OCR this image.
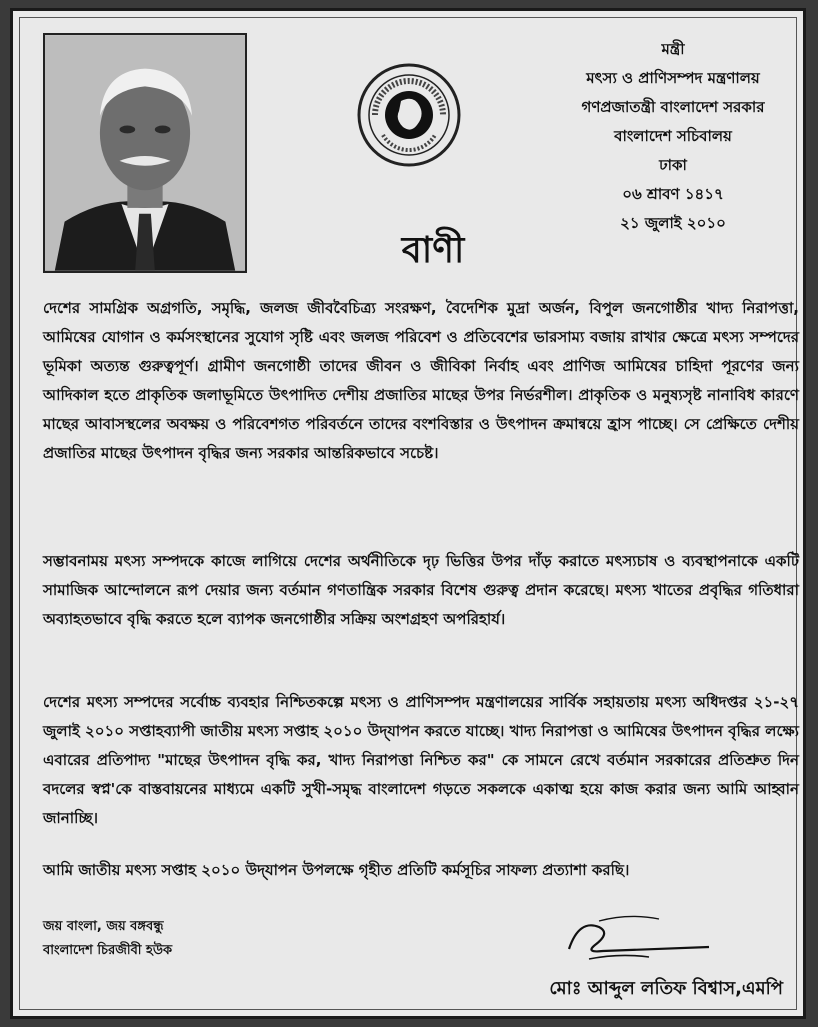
মন্ত্রী
মৎস্য ও প্রাণিসম্পদ মন্ত্রণালয়
গণপ্রজাতন্ত্রী বাংলাদেশ সরকার
বাংলাদেশ সচিবালয়
ঢাকা
০৬ শ্রাবণ ১৪১৭
২১ জুলাই ২০১০
বাণী
দেশের সামগ্রিক অগ্রগতি, সমৃদ্ধি, জলজ জীববৈচিত্র্য সংরক্ষণ, বৈদেশিক মুদ্রা অর্জন, বিপুল জনগোষ্ঠীর খাদ্য নিরাপত্তা, আমিষের যোগান ও কর্মসংস্থানের সুযোগ সৃষ্টি এবং জলজ পরিবেশ ও প্রতিবেশের ভারসাম্য বজায় রাখার ক্ষেত্রে মৎস্য সম্পদের ভূমিকা অত্যন্ত গুরুত্বপূর্ণ। গ্রামীণ জনগোষ্ঠী তাদের জীবন ও জীবিকা নির্বাহ এবং প্রাণিজ আমিষের চাহিদা পূরণের জন্য আদিকাল হতে প্রাকৃতিক জলাভূমিতে উৎপাদিত দেশীয় প্রজাতির মাছের উপর নির্ভরশীল। প্রাকৃতিক ও মনুষ্যসৃষ্ট নানাবিধ কারণে মাছের আবাসস্থলের অবক্ষয় ও পরিবেশগত পরিবর্তনে তাদের বংশবিস্তার ও উৎপাদন ক্রমান্বয়ে হ্রাস পাচ্ছে। সে প্রেক্ষিতে দেশীয় প্রজাতির মাছের উৎপাদন বৃদ্ধির জন্য সরকার আন্তরিকভাবে সচেষ্ট।
সম্ভাবনাময় মৎস্য সম্পদকে কাজে লাগিয়ে দেশের অর্থনীতিকে দৃঢ় ভিত্তির উপর দাঁড় করাতে মৎস্যচাষ ও ব্যবস্থাপনাকে একটি সামাজিক আন্দোলনে রূপ দেয়ার জন্য বর্তমান গণতান্ত্রিক সরকার বিশেষ গুরুত্ব প্রদান করেছে। মৎস্য খাতের প্রবৃদ্ধির গতিধারা অব্যাহতভাবে বৃদ্ধি করতে হলে ব্যাপক জনগোষ্ঠীর সক্রিয় অংশগ্রহণ অপরিহার্য।
দেশের মৎস্য সম্পদের সর্বোচ্চ ব্যবহার নিশ্চিতকল্পে মৎস্য ও প্রাণিসম্পদ মন্ত্রণালয়ের সার্বিক সহায়তায় মৎস্য অধিদপ্তর ২১-২৭ জুলাই ২০১০ সপ্তাহব্যাপী জাতীয় মৎস্য সপ্তাহ ২০১০ উদ্‌যাপন করতে যাচ্ছে। খাদ্য নিরাপত্তা ও আমিষের উৎপাদন বৃদ্ধির লক্ষ্যে এবারের প্রতিপাদ্য "মাছের উৎপাদন বৃদ্ধি কর, খাদ্য নিরাপত্তা নিশ্চিত কর" কে সামনে রেখে বর্তমান সরকারের প্রতিশ্রুত দিন বদলের স্বপ্ন'কে বাস্তবায়নের মাধ্যমে একটি সুখী-সমৃদ্ধ বাংলাদেশ গড়তে সকলকে একাত্ম হয়ে কাজ করার জন্য আমি আহ্বান জানাচ্ছি।
আমি জাতীয় মৎস্য সপ্তাহ ২০১০ উদ্‌যাপন উপলক্ষে গৃহীত প্রতিটি কর্মসূচির সাফল্য প্রত্যাশা করছি।
জয় বাংলা, জয় বঙ্গবন্ধু
বাংলাদেশ চিরজীবী হউক
মোঃ আব্দুল লতিফ বিশ্বাস,এমপি
